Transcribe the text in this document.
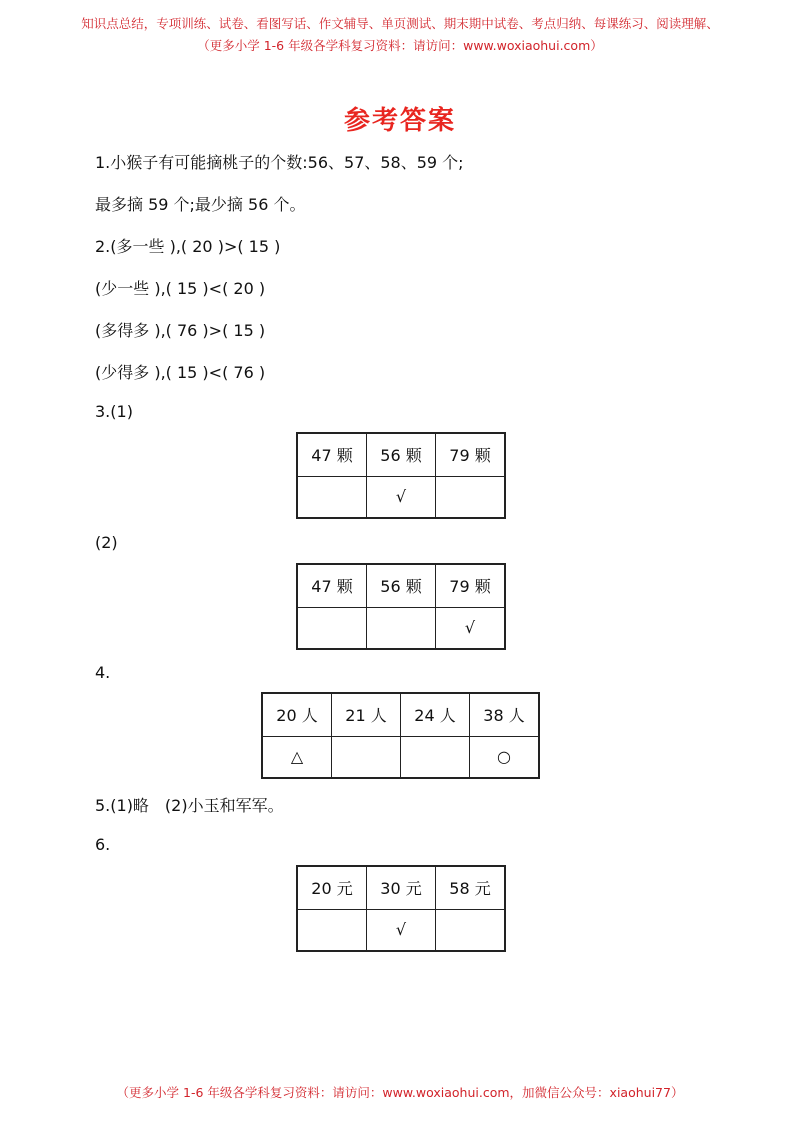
知识点总结，专项训练、试卷、看图写话、作文辅导、单页测试、期末期中试卷、考点归纳、每课练习、阅读理解、
（更多小学 1-6 年级各学科复习资料：请访问：www.woxiaohui.com）
参考答案
1.小猴子有可能摘桃子的个数:56、57、58、59 个;
最多摘 59 个;最少摘 56 个。
2.(多一些 ),( 20 )>( 15 )
(少一些 ),( 15 )<( 20 )
(多得多 ),( 76 )>( 15 )
(少得多 ),( 15 )<( 76 )
3.(1)
47 颗	56 颗	79 颗
	√	
(2)
47 颗	56 颗	79 颗
		√
4.
20 人	21 人	24 人	38 人
△			○
5.(1)略　(2)小玉和军军。
6.
20 元	30 元	58 元
	√	
（更多小学 1-6 年级各学科复习资料：请访问：www.woxiaohui.com，加微信公众号：xiaohui77）
